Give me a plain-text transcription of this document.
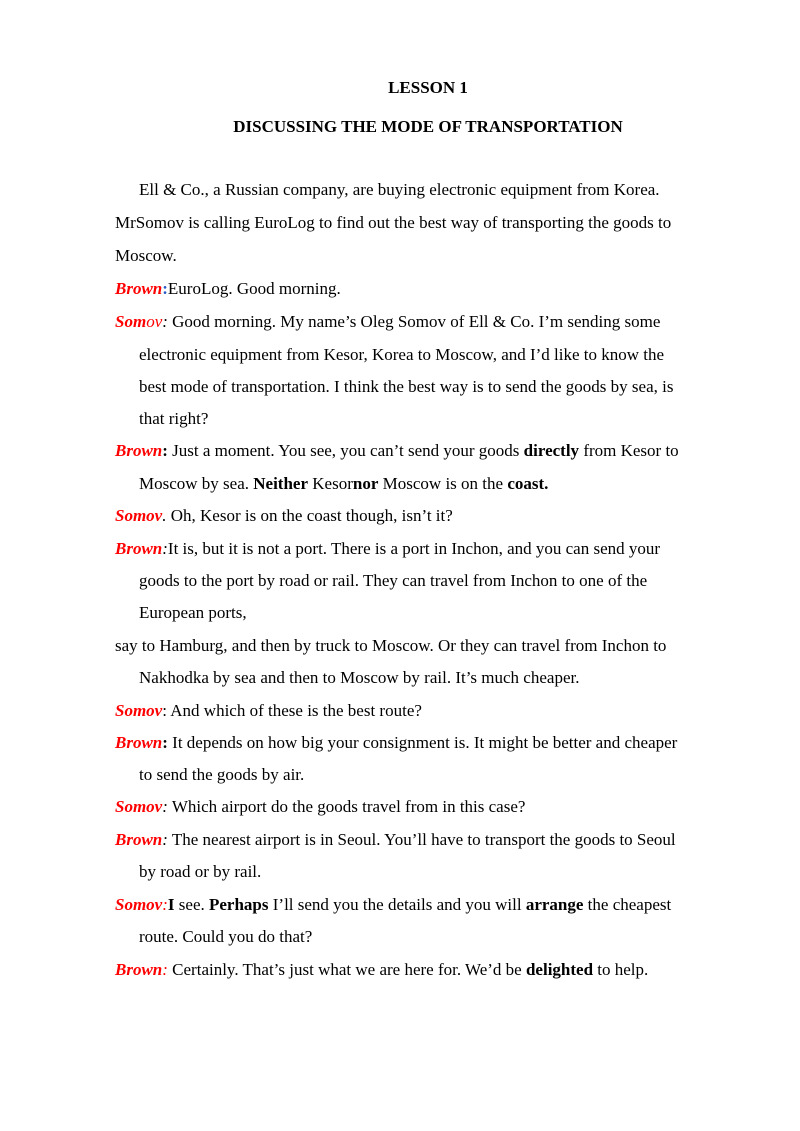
LESSON 1
DISCUSSING THE MODE OF TRANSPORTATION
Ell & Co., a Russian company, are buying electronic equipment from Korea.
MrSomov is calling EuroLog to find out the best way of transporting the goods to
Moscow.
Brown:EuroLog. Good morning.
Somov: Good morning. My name’s Oleg Somov of Ell & Co. I’m sending some
electronic equipment from Kesor, Korea to Moscow, and I’d like to know the
best mode of transportation. I think the best way is to send the goods by sea, is
that right?
Brown: Just a moment. You see, you can’t send your goods directly from Kesor to
Moscow by sea. Neither Kesornor Moscow is on the coast.
Somov. Oh, Kesor is on the coast though, isn’t it?
Brown:It is, but it is not a port. There is a port in Inchon, and you can send your
goods to the port by road or rail. They can travel from Inchon to one of the
European ports,
say to Hamburg, and then by truck to Moscow. Or they can travel from Inchon to
Nakhodka by sea and then to Moscow by rail. It’s much cheaper.
Somov: And which of these is the best route?
Brown: It depends on how big your consignment is. It might be better and cheaper
to send the goods by air.
Somov: Which airport do the goods travel from in this case?
Brown: The nearest airport is in Seoul. You’ll have to transport the goods to Seoul
by road or by rail.
Somov:I see. Perhaps I’ll send you the details and you will arrange the cheapest
route. Could you do that?
Brown: Certainly. That’s just what we are here for. We’d be delighted to help.
